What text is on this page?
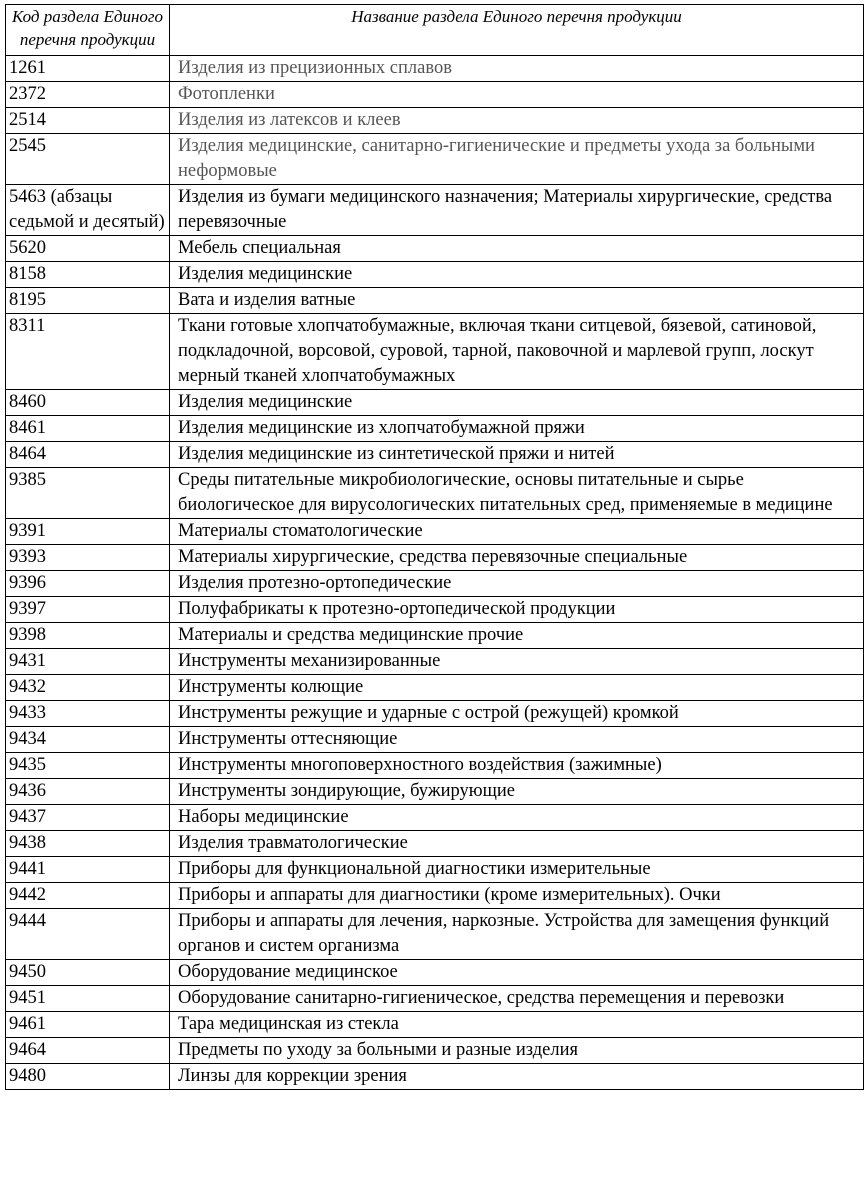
Код раздела Единого перечня продукции	Название раздела Единого перечня продукции
1261	Изделия из прецизионных сплавов
2372	Фотопленки
2514	Изделия из латексов и клеев
2545	Изделия медицинские, санитарно-гигиенические и предметы ухода за больными неформовые
5463 (абзацы седьмой и десятый)	Изделия из бумаги медицинского назначения; Материалы хирургические, средства перевязочные
5620	Мебель специальная
8158	Изделия медицинские
8195	Вата и изделия ватные
8311	Ткани готовые хлопчатобумажные, включая ткани ситцевой, бязевой, сатиновой, подкладочной, ворсовой, суровой, тарной, паковочной и марлевой групп, лоскут мерный тканей хлопчатобумажных
8460	Изделия медицинские
8461	Изделия медицинские из хлопчатобумажной пряжи
8464	Изделия медицинские из синтетической пряжи и нитей
9385	Среды питательные микробиологические, основы питательные и сырье биологическое для вирусологических питательных сред, применяемые в медицине
9391	Материалы стоматологические
9393	Материалы хирургические, средства перевязочные специальные
9396	Изделия протезно-ортопедические
9397	Полуфабрикаты к протезно-ортопедической продукции
9398	Материалы и средства медицинские прочие
9431	Инструменты механизированные
9432	Инструменты колющие
9433	Инструменты режущие и ударные с острой (режущей) кромкой
9434	Инструменты оттесняющие
9435	Инструменты многоповерхностного воздействия (зажимные)
9436	Инструменты зондирующие, бужирующие
9437	Наборы медицинские
9438	Изделия травматологические
9441	Приборы для функциональной диагностики измерительные
9442	Приборы и аппараты для диагностики (кроме измерительных). Очки
9444	Приборы и аппараты для лечения, наркозные. Устройства для замещения функций органов и систем организма
9450	Оборудование медицинское
9451	Оборудование санитарно-гигиеническое, средства перемещения и перевозки
9461	Тара медицинская из стекла
9464	Предметы по уходу за больными и разные изделия
9480	Линзы для коррекции зрения
